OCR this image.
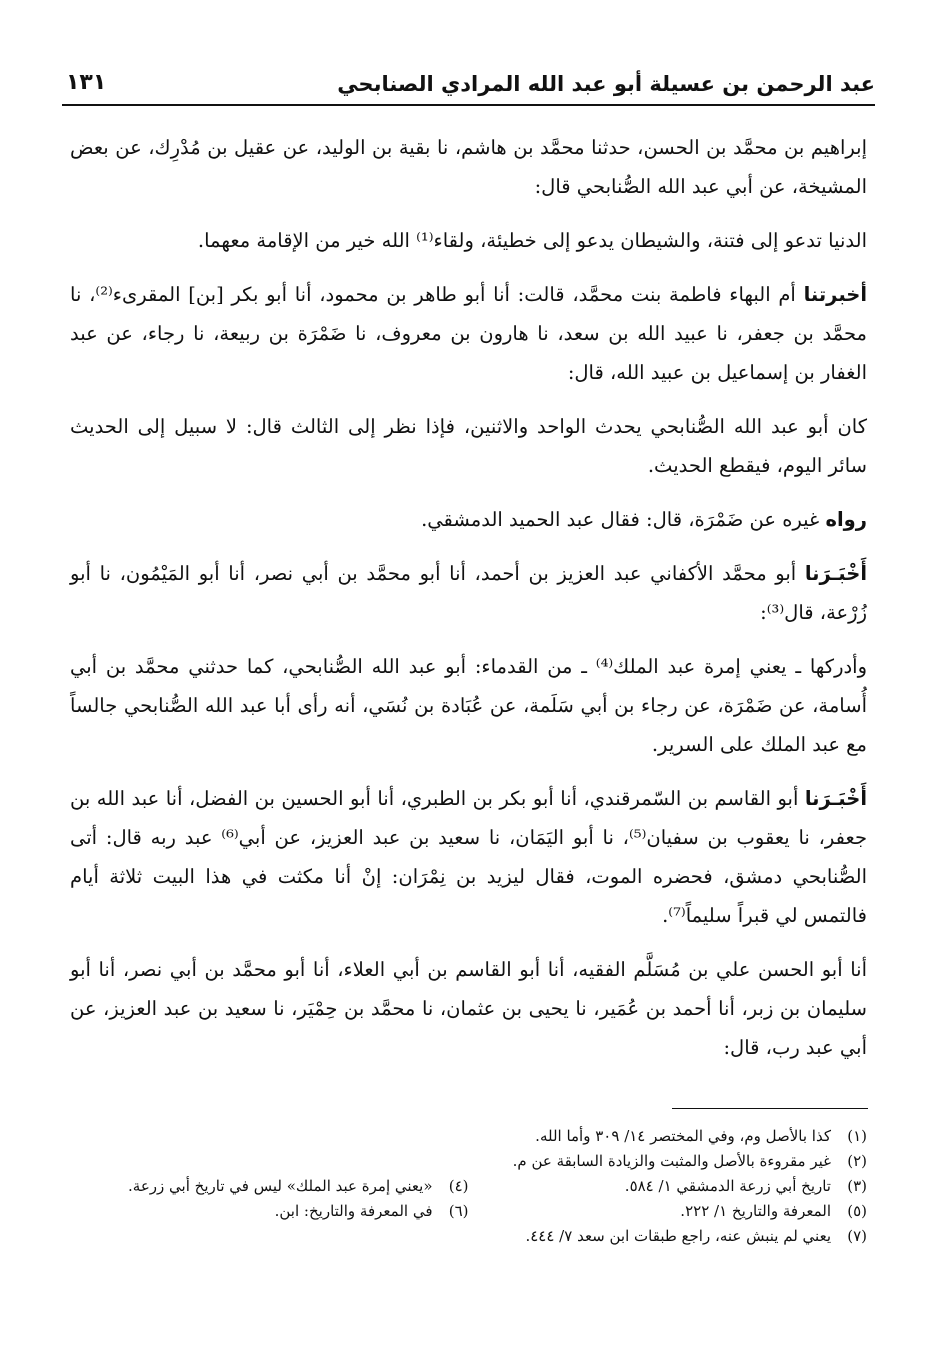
عبد الرحمن بن عسيلة أبو عبد الله المرادي الصنابحي
١٣١

إبراهيم بن محمَّد بن الحسن، حدثنا محمَّد بن هاشم، نا بقية بن الوليد، عن عقيل بن مُدْرِك، عن بعض المشيخة، عن أبي عبد الله الصُّنابحي قال:

الدنيا تدعو إلى فتنة، والشيطان يدعو إلى خطيئة، ولقاء⁽¹⁾ الله خير من الإقامة معهما.

أخبرتنا أم البهاء فاطمة بنت محمَّد، قالت: أنا أبو طاهر بن محمود، أنا أبو بكر [بن] المقرىء⁽²⁾، نا محمَّد بن جعفر، نا عبيد الله بن سعد، نا هارون بن معروف، نا ضَمْرَة بن ربيعة، نا رجاء، عن عبد الغفار بن إسماعيل بن عبيد الله، قال:

كان أبو عبد الله الصُّنابحي يحدث الواحد والاثنين، فإذا نظر إلى الثالث قال: لا سبيل إلى الحديث سائر اليوم، فيقطع الحديث.

رواه غيره عن ضَمْرَة، قال: فقال عبد الحميد الدمشقي.

أَخْبَـرَنا أبو محمَّد الأكفاني عبد العزيز بن أحمد، أنا أبو محمَّد بن أبي نصر، أنا أبو المَيْمُون، نا أبو زُرْعة، قال⁽³⁾:

وأدركها ـ يعني إمرة عبد الملك⁽⁴⁾ ـ من القدماء: أبو عبد الله الصُّنابحي، كما حدثني محمَّد بن أبي أُسامة، عن ضَمْرَة، عن رجاء بن أبي سَلَمة، عن عُبَادة بن نُسَي، أنه رأى أبا عبد الله الصُّنابحي جالساً مع عبد الملك على السرير.

أَخْبَـرَنا أبو القاسم بن السّمرقندي، أنا أبو بكر بن الطبري، أنا أبو الحسين بن الفضل، أنا عبد الله بن جعفر، نا يعقوب بن سفيان⁽⁵⁾، نا أبو اليَمَان، نا سعيد بن عبد العزيز، عن أبي⁽⁶⁾ عبد ربه قال: أتى الصُّنابحي دمشق، فحضره الموت، فقال ليزيد بن نِمْرَان: إنْ أنا مكثت في هذا البيت ثلاثة أيام فالتمس لي قبراً سليماً⁽⁷⁾.

أنا أبو الحسن علي بن مُسَلَّم الفقيه، أنا أبو القاسم بن أبي العلاء، أنا أبو محمَّد بن أبي نصر، أنا أبو سليمان بن زبر، أنا أحمد بن عُمَير، نا يحيى بن عثمان، نا محمَّد بن حِمْيَر، نا سعيد بن عبد العزيز، عن أبي عبد رب، قال:

(١)كذا بالأصل وم، وفي المختصر ١٤/ ٣٠٩ وأما الله.
(٢)غير مقروءة بالأصل والمثبت والزيادة السابقة عن م.
(٣)تاريخ أبي زرعة الدمشقي ١/ ٥٨٤.
(٤)«يعني إمرة عبد الملك» ليس في تاريخ أبي زرعة.
(٥)المعرفة والتاريخ ١/ ٢٢٢.
(٦)في المعرفة والتاريخ: ابن.
(٧)يعني لم ينبش عنه، راجع طبقات ابن سعد ٧/ ٤٤٤.
